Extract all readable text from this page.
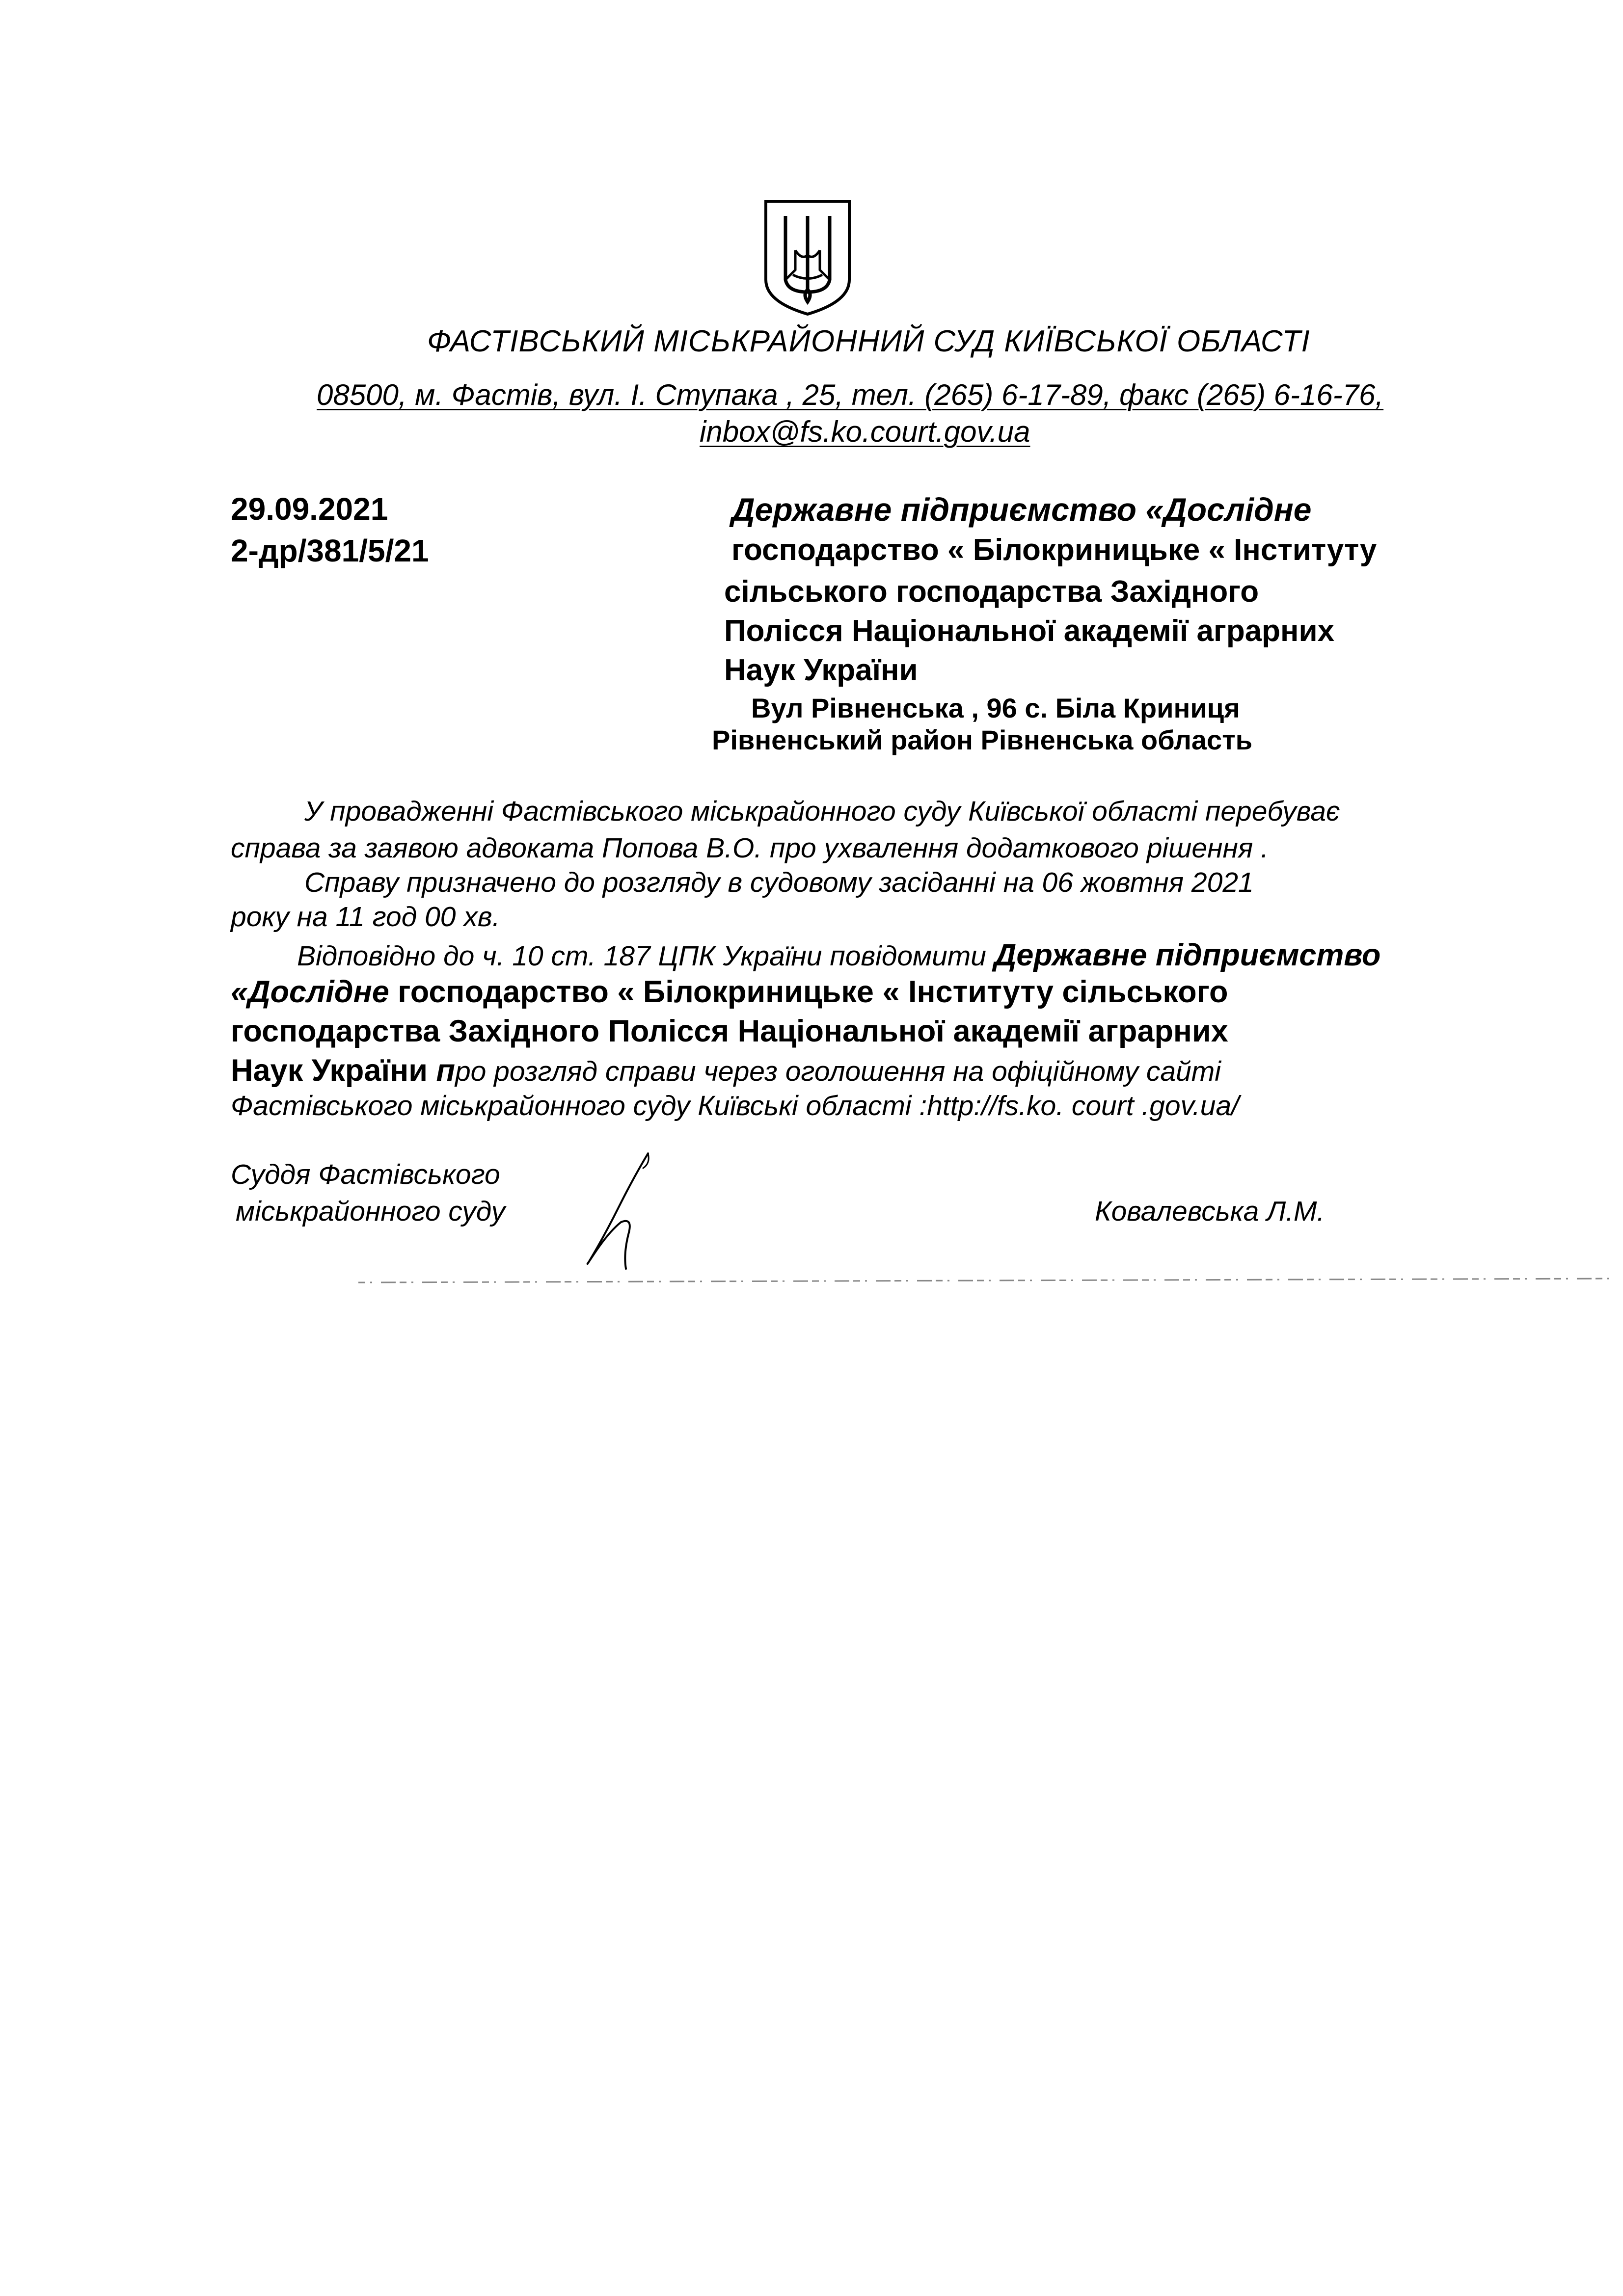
ФАСТІВСЬКИЙ МІСЬКРАЙОННИЙ СУД КИЇВСЬКОЇ ОБЛАСТІ
08500, м. Фастів, вул. І. Ступака , 25, тел. (265) 6-17-89, факс (265) 6-16-76,
inbox@fs.ko.court.gov.ua
29.09.2021
2-др/381/5/21
Державне підприємство «Дослідне
господарство « Білокриницьке « Інституту
сільського господарства Західного
Полісся Національної академії аграрних
Наук України
Вул Рівненська , 96 с. Біла Криниця
Рівненський район Рівненська область
У провадженні Фастівського міськрайонного суду Київської області перебуває
справа за заявою адвоката Попова В.О. про ухвалення додаткового рішення .
Справу призначено до розгляду в судовому засіданні на 06 жовтня 2021
року на 11 год 00 хв.
Відповідно до ч. 10 ст. 187 ЦПК України повідомити Державне підприємство
«Дослідне господарство « Білокриницьке « Інституту сільського
господарства Західного Полісся Національної академії аграрних
Наук України про розгляд справи через оголошення на офіційному сайті
Фастівського міськрайонного суду Київські області :http://fs.ko. court .gov.ua/
Суддя Фастівського
міськрайонного суду	Ковалевська Л.М.
